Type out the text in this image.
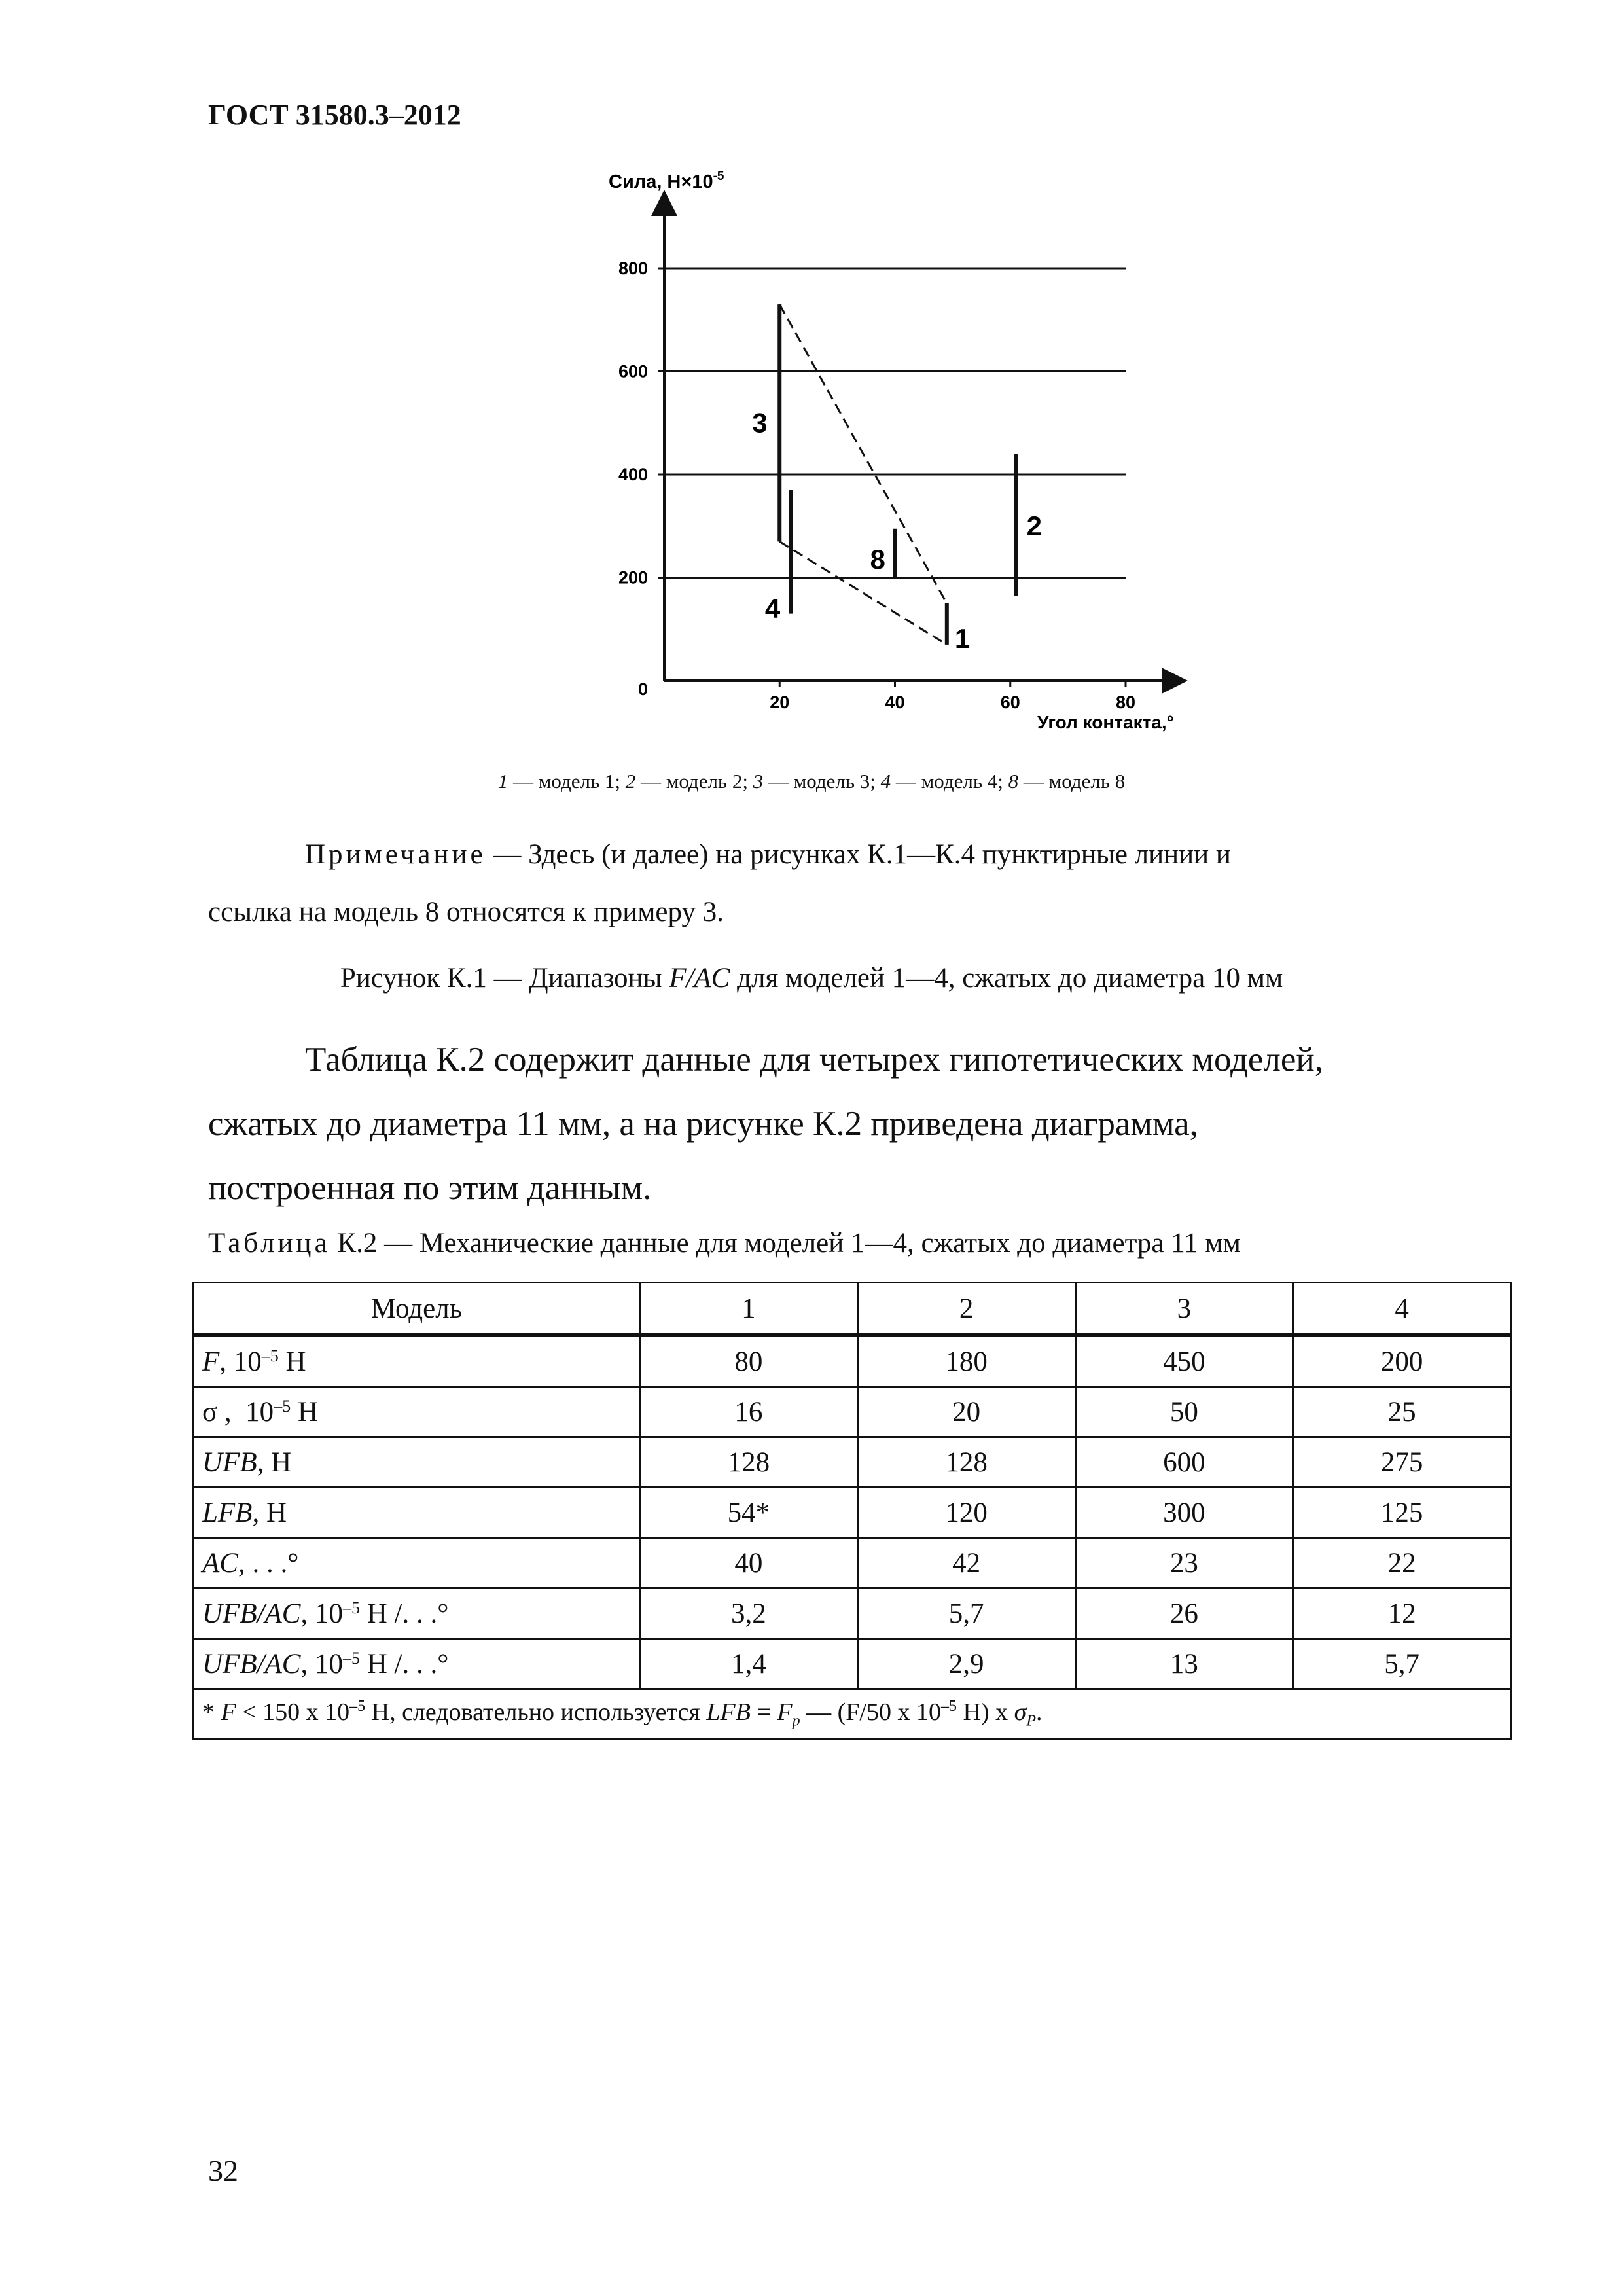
ГОСТ 31580.3–2012
0
200
400
600
800
20	40	60	80
1
2
3
4
8
Сила, $Н\times 10^{-5}$
Угол контакта,°
1 — модель 1; 2 — модель 2; 3 — модель 3; 4 — модель 4; 8 — модель 8
Примечание — Здесь (и далее) на рисунках К.1—К.4 пунктирные линии и
ссылка на модель 8 относятся к примеру 3.
Рисунок К.1 — Диапазоны F/AC для моделей 1—4, сжатых до диаметра 10 мм
Таблица К.2 содержит данные для четырех гипотетических моделей,
сжатых до диаметра 11 мм, а на рисунке К.2 приведена диаграмма,
построенная по этим данным.
Таблица К.2 — Механические данные для моделей 1—4, сжатых до диаметра 11 мм
Модель	1	2	3	4
F, $10^{-5}$ Н	80	180	450	200
σ ,  $10^{-5}$ Н	16	20	50	25
UFB, Н	128	128	600	275
LFB, Н	54*	120	300	125
AC, . . .°	40	42	23	22
UFB/AC, $10^{-5}$ Н /. . .°	3,2	5,7	26	12
UFB/AC, $10^{-5}$ Н /. . .°	1,4	2,9	13	5,7
* F < 150 х $10^{-5}$ Н, следовательно используется LFB = $F_p$ — (F/50 х $10^{-5}$ Н) х $\sigma_P$.				
32
